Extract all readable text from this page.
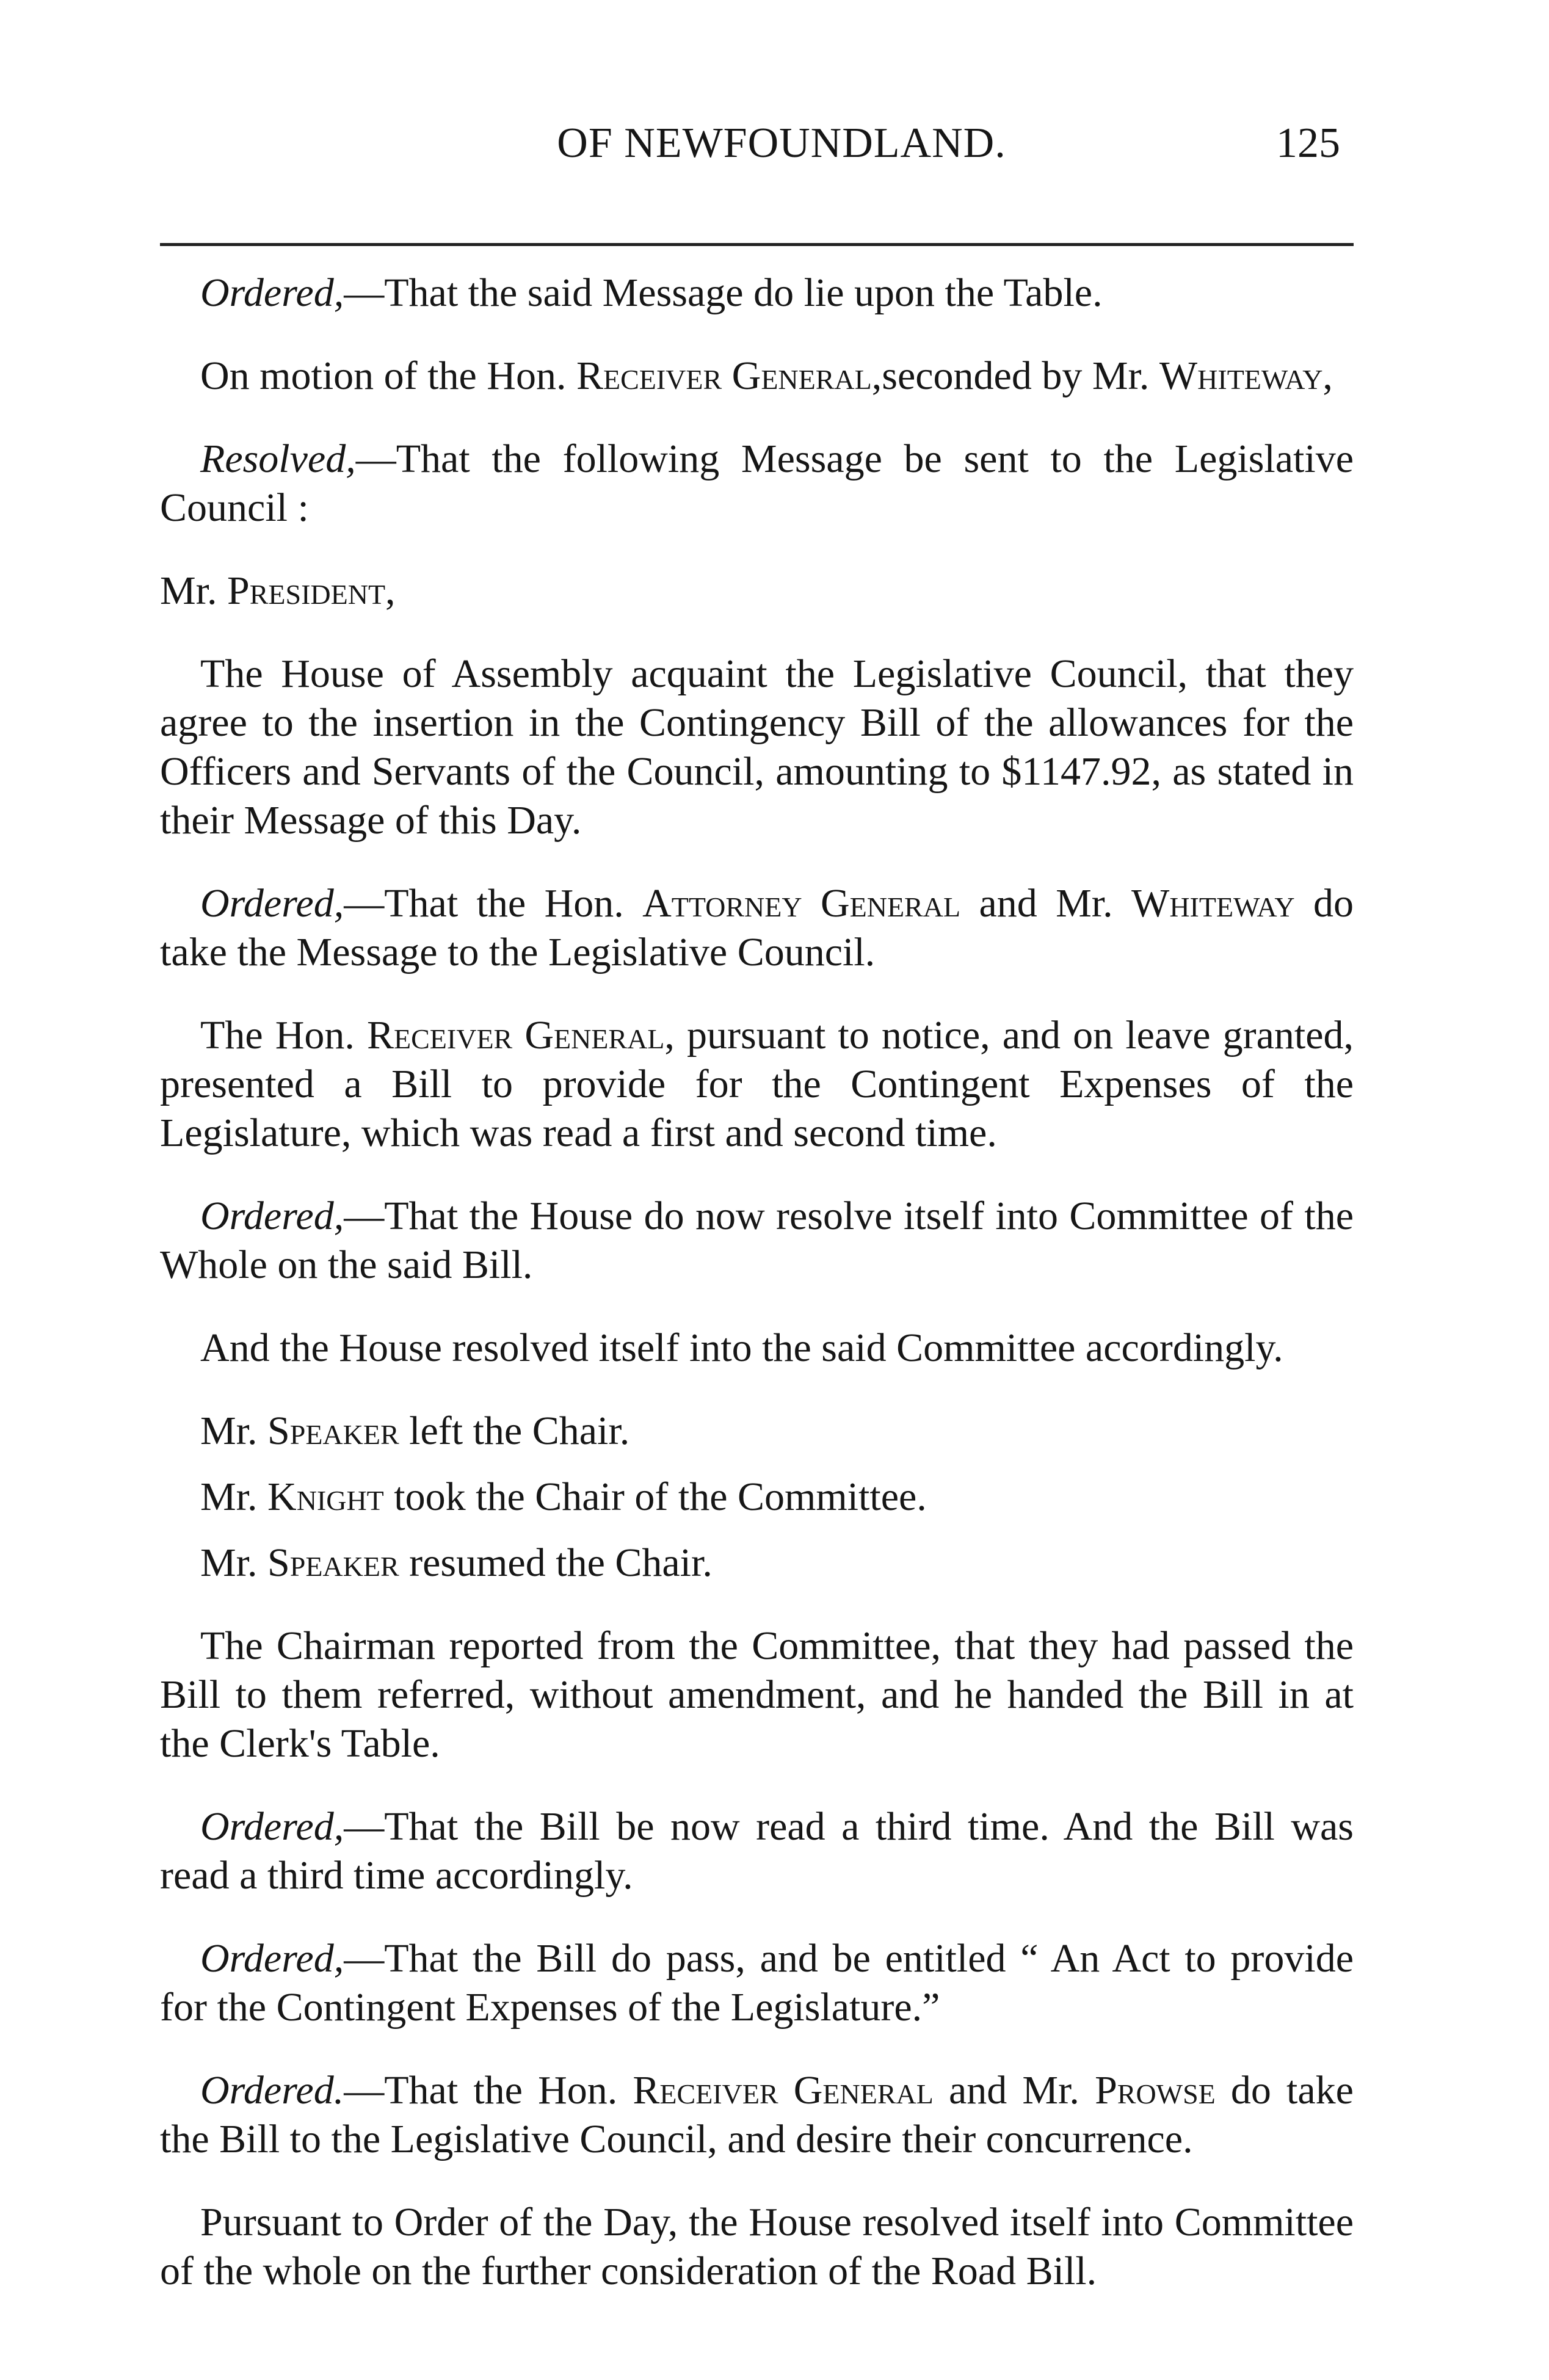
OF NEWFOUNDLAND.	125

Ordered,—That the said Message do lie upon the Table.

On motion of the Hon. Receiver General,seconded by Mr. Whiteway,

Resolved,—That the following Message be sent to the Legislative Council :

Mr. President,

The House of Assembly acquaint the Legislative Council, that they agree to the insertion in the Contingency Bill of the allowances for the Officers and Servants of the Council, amounting to $1147.92, as stated in their Message of this Day.

Ordered,—That the Hon. Attorney General and Mr. Whiteway do take the Message to the Legislative Council.

The Hon. Receiver General, pursuant to notice, and on leave granted, presented a Bill to provide for the Contingent Expenses of the Legislature, which was read a first and second time.

Ordered,—That the House do now resolve itself into Committee of the Whole on the said Bill.

And the House resolved itself into the said Committee accordingly.

Mr. Speaker left the Chair.

Mr. Knight took the Chair of the Committee.

Mr. Speaker resumed the Chair.

The Chairman reported from the Committee, that they had passed the Bill to them referred, without amendment, and he handed the Bill in at the Clerk's Table.

Ordered,—That the Bill be now read a third time. And the Bill was read a third time accordingly.

Ordered,—That the Bill do pass, and be entitled “ An Act to provide for the Contingent Expenses of the Legislature.”

Ordered.—That the Hon. Receiver General and Mr. Prowse do take the Bill to the Legislative Council, and desire their concurrence.

Pursuant to Order of the Day, the House resolved itself into Committee of the whole on the further consideration of the Road Bill.
